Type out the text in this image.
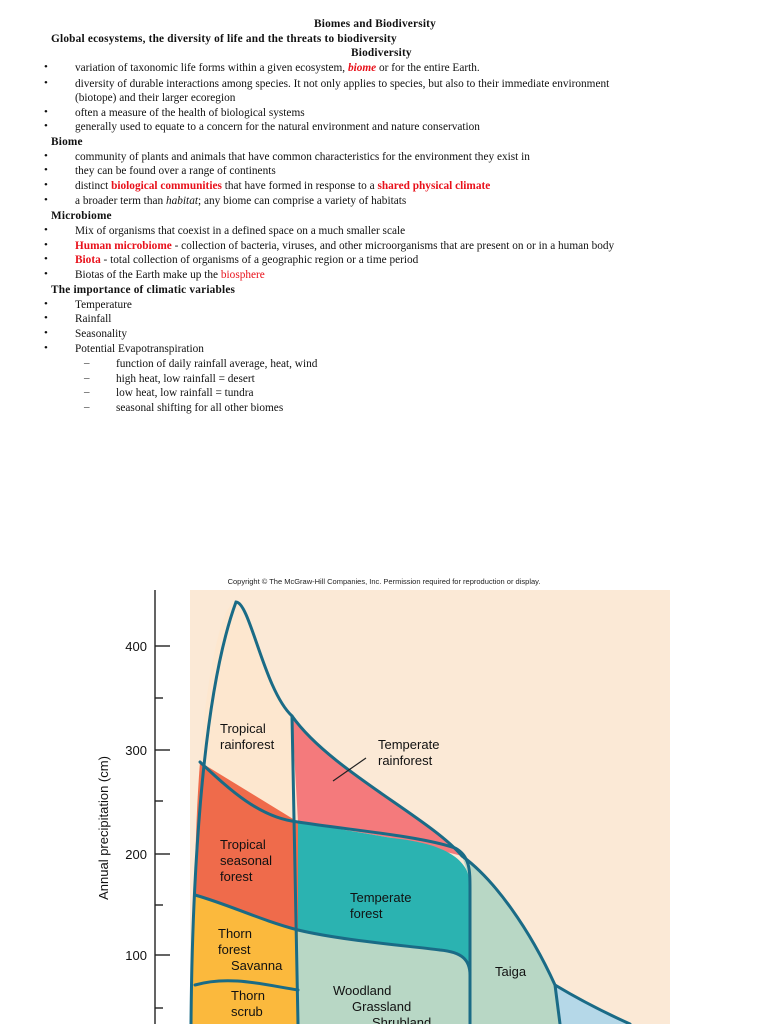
Biomes and Biodiversity
Global ecosystems, the diversity of life and the threats to biodiversity
Biodiversity
• variation of taxonomic life forms within a given ecosystem, biome or for the entire Earth.
• diversity of durable interactions among species. It not only applies to species, but also to their immediate environment
(biotope) and their larger ecoregion
• often a measure of the health of biological systems
• generally used to equate to a concern for the natural environment and nature conservation
Biome
• community of plants and animals that have common characteristics for the environment they exist in
• they can be found over a range of continents
• distinct biological communities that have formed in response to a shared physical climate
• a broader term than habitat; any biome can comprise a variety of habitats
Microbiome
• Mix of organisms that coexist in a defined space on a much smaller scale
• Human microbiome - collection of bacteria, viruses, and other microorganisms that are present on or in a human body
• Biota - total collection of organisms of a geographic region or a time period
• Biotas of the Earth make up the biosphere
The importance of climatic variables
• Temperature
• Rainfall
• Seasonality
• Potential Evapotranspiration
– function of daily rainfall average, heat, wind
– high heat, low rainfall = desert
– low heat, low rainfall = tundra
– seasonal shifting for all other biomes
Copyright © The McGraw-Hill Companies, Inc. Permission required for reproduction or display.
400
300
200
100
Annual precipitation (cm)
Tropical
rainforest	Temperate
rainforest
Tropical
seasonal
forest
Temperate
forest
Thorn
forest
Savanna
Thorn
scrub
Woodland
Grassland
Shrubland
Taiga
